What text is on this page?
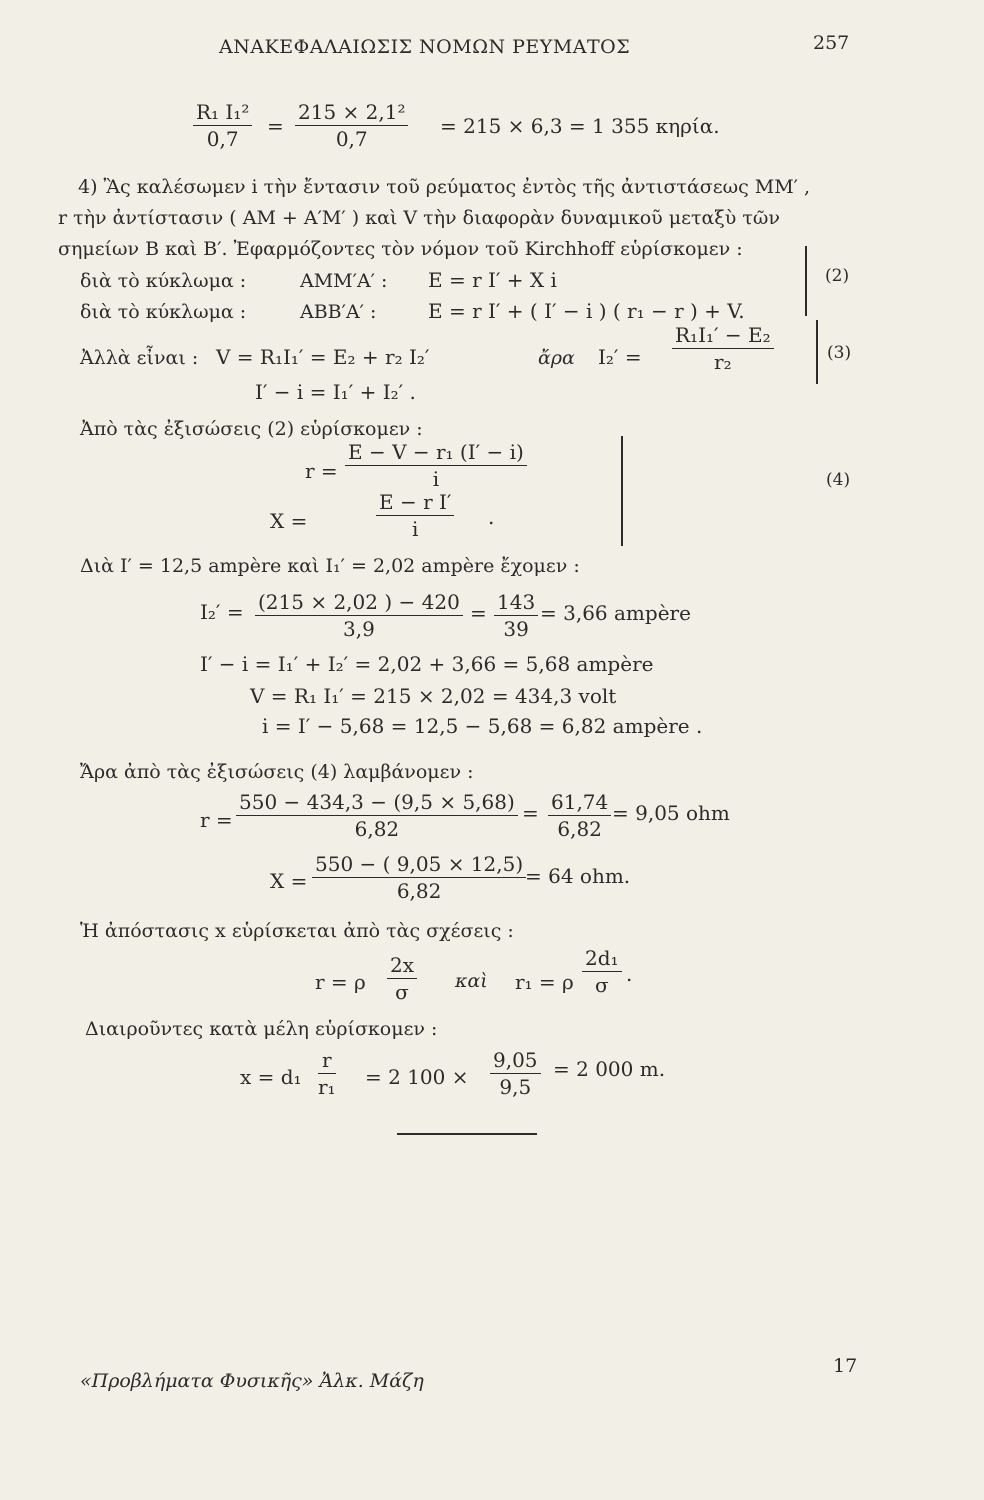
ΑΝΑΚΕΦΑΛΑΙΩΣΙΣ ΝΟΜΩΝ ΡΕΥΜΑΤΟΣ	257
$\frac{\text{R₁ I₁²}}{0,7} = \frac{\text{215 × 2,1²}}{0,7} = 215 \times 6,3 = 1$ 355 κηρία.
4) Ἂς καλέσωμεν i τὴν ἔντασιν τοῦ ρεύματος ἐντὸς τῆς ἀντιστάσεως ΜΜ′ ,
r τὴν ἀντίστασιν ( ΑΜ + Α′Μ′ ) καὶ V τὴν διαφορὰν δυναμικοῦ μεταξὺ τῶν
σημείων Β καὶ Β′. Ἐφαρμόζοντες τὸν νόμον τοῦ Kirchhoff εὑρίσκομεν :
διὰ τὸ κύκλωμα :	ΑΜΜ′Α′ : E = r I′ + X i
διὰ τὸ κύκλωμα :	ΑΒΒ′Α′ :	E = r I′ + ( I′ − i ) ( r₁ − r ) + V.
(2)
Ἀλλὰ εἶναι : V = R₁I₁′ = E₂ + r₂ I₂′	ἄρα $I_2' = \frac{\text{R₁I₁′ − E₂}}{\text{r₂}}$
I′ − i = I₁′ + I₂′ .
(3)
Ἀπὸ τὰς ἐξισώσεις (2) εὑρίσκομεν :
$r = \frac{\text{E − V − r₁ (I′ − i)}}{i}$
X =	$\frac{\text{E − r I′}}{i}$ .
(4)
Διὰ I′ = 12,5 ampère καὶ I₁′ = 2,02 ampère ἔχομεν :
$I_2' = \frac{(215 \times 2,02 ) - 420}{3,9} = \frac{143}{39} = 3,66$ ampère
I′ − i = I₁′ + I₂′ = 2,02 + 3,66 = 5,68 ampère
V = R₁ I₁′ = 215 × 2,02 = 434,3 volt
i = I′ − 5,68 = 12,5 − 5,68 = 6,82 ampère .
Ἄρα ἀπὸ τὰς ἐξισώσεις (4) λαμβάνομεν :
$r = \frac{550 - 434,3 - (9,5 \times 5,68)}{6,82} = \frac{61,74}{6,82} = 9,05$ ohm
$X = \frac{550 - ( 9,05 \times 12,5)}{6,82}$
= 64 ohm.
Ἡ ἀπόστασις x εὑρίσκεται ἀπὸ τὰς σχέσεις :
r = ρ $\frac{2x}{\sigma}$ καὶ r₁ = ρ $\frac{\text{2d₁}}{\sigma}$ .
Διαιροῦντες κατὰ μέλη εὑρίσκομεν :
$x = d_1 \frac{r}{\text{r₁}} = 2$ $100 \times \frac{9,05}{9,5} = 2$ 000 m.
«Προβλήματα Φυσικῆς» Ἀλκ. Μάζη
17
